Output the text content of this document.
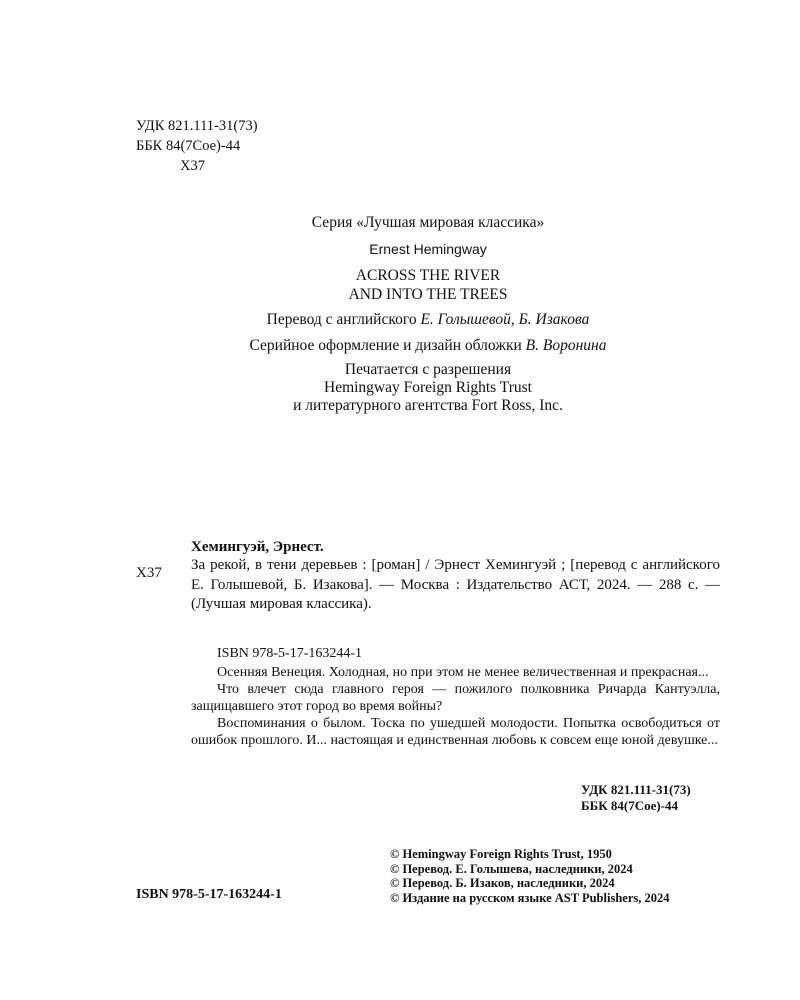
УДК 821.111-31(73)
ББК 84(7Сое)-44
Х37
Серия «Лучшая мировая классика»
Ernest Hemingway
ACROSS THE RIVER
AND INTO THE TREES
Перевод с английского Е. Голышевой, Б. Изакова
Серийное оформление и дизайн обложки В. Воронина
Печатается с разрешения
Hemingway Foreign Rights Trust
и литературного агентства Fort Ross, Inc.
Хемингуэй, Эрнест.
Х37 За рекой, в тени деревьев : [роман] / Эрнест Хемингуэй ; [перевод с английского Е. Голышевой, Б. Изакова]. — Москва : Издательство АСТ, 2024. — 288 с. — (Лучшая мировая классика).
ISBN 978-5-17-163244-1

Осенняя Венеция. Холодная, но при этом не менее величественная и прекрасная...

Что влечет сюда главного героя — пожилого полковника Ричарда Кантуэлла, защищавшего этот город во время войны?

Воспоминания о былом. Тоска по ушедшей молодости. Попытка освободиться от ошибок прошлого. И... настоящая и единственная любовь к совсем еще юной девушке...

УДК 821.111-31(73)
ББК 84(7Сое)-44
ISBN 978-5-17-163244-1
© Hemingway Foreign Rights Trust, 1950
© Перевод. Е. Голышева, наследники, 2024
© Перевод. Б. Изаков, наследники, 2024
© Издание на русском языке AST Publishers, 2024
